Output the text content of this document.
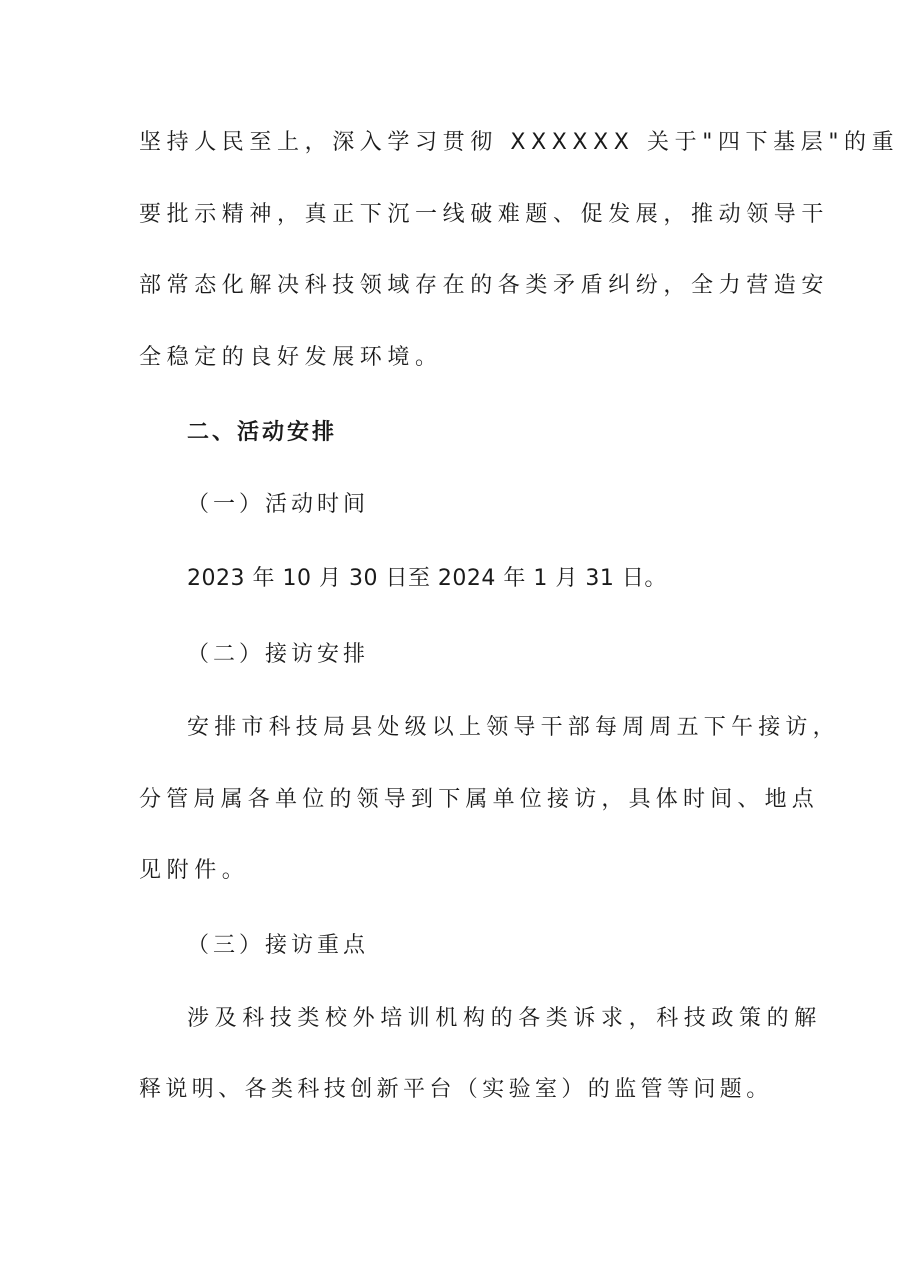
坚持人民至上，深入学习贯彻 XXXXXX 关于"四下基层"的重

要批示精神，真正下沉一线破难题、促发展，推动领导干

部常态化解决科技领域存在的各类矛盾纠纷，全力营造安

全稳定的良好发展环境。

二、活动安排

（一）活动时间

2023 年 10 月 30 日至 2024 年 1 月 31 日。

（二）接访安排

安排市科技局县处级以上领导干部每周周五下午接访，

分管局属各单位的领导到下属单位接访，具体时间、地点

见附件。

（三）接访重点

涉及科技类校外培训机构的各类诉求，科技政策的解

释说明、各类科技创新平台（实验室）的监管等问题。
